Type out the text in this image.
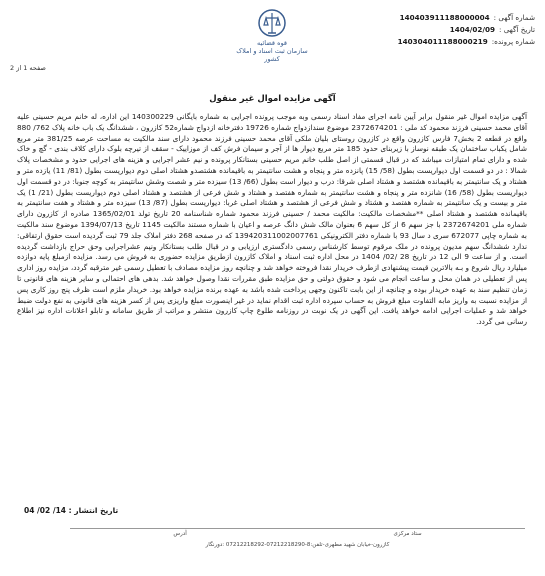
شماره آگهی :
140403911188000004
تاریخ آگهی :
1404/02/09
شماره پرونده:
140304011188000219
قوه قضائیه
سازمان ثبت اسناد و املاک کشور
صفحه 1 از 2
آگهی مزایده اموال غیر منقول

آگهی مزایده اموال غیر منقول برابر آیین نامه اجرای مفاد اسناد رسمی وبه موجب پرونده اجرایی به شماره بایگانی 140300229 این اداره، له خانم مریم حسینی علیه آقای محمد حسینی فرزند محمود کد ملی : 2372674201 موضوع سندازدواج شماره 19726 دفترخانه ازدواج شماره52 کازرون ، ششدانگ یک باب خانه پلاک 762/ 880 واقع در قطعه 2 بخش7 فارس کازرون واقع در کازرون روستای بلیان ملکی آقای محمد حسینی فرزند محمود دارای سند مالکیت به مساحت عرصه 381/25 متر مربع شامل یکباب ساختمان یک طبقه نوساز با زیربنای حدود 185 متر مربع دیوار ها از آجر و سیمان فرش کف از موزاییک - سقف از تیرچه بلوک دارای کلاف بندی - گچ و خاک شده و دارای تمام امتیازات میباشد که در قبال قسمتی از اصل طلب خانم مریم حسینی بستانکار پرونده و نیم عشر اجرایی و هزینه های اجرایی حدود و مشخصات پلاک شمالا : در دو قسمت اول دیواریست بطول (58/ 15) پانزده متر و پنجاه و هشت سانتیمتر به باقیمانده هشتصدو هشتاد اصلی دوم دیواریست بطول (81/ 11) یازده متر و هشتاد و یک سانتیمتر به باقیمانده هشتصد و هشتاد اصلی شرقا: درب و دیوار است بطول (66/ 13) سیزده متر و شصت وشش سانتیمتر به کوچه جنوبا: در دو قسمت اول دیواریست بطول (58/ 16) شانزده متر و پنجاه و هشت سانتیمتر به شماره هفتصد و هشتاد و شش فرعی از هشتصد و هشتاد اصلی دوم دیواریست بطول (21/ 1) یک متر و بیست و یک سانتیمتر به شماره هفتصد و هشتاد و شش فرعی از هشتصد و هشتاد اصلی غربا: دیواریست بطول (87/ 13) سیزده متر و هشتاد و هفت سانتیمتر به باقیمانده هشتصد و هشتاد اصلی **مشخصات مالکیت: مالکیت محمد / حسینی فرزند محمود شماره شناسنامه 20 تاریخ تولد 1365/02/01 صادره از کازرون دارای شماره ملی 2372674201 با جز سهم 6 از کل سهم 6 بعنوان مالک شش دانگ عرصه و اعیان با شماره مستند مالکیت 1145 تاریخ 1394/07/13 موضوع سند مالکیت به شماره چاپی 672077 سری د سال 93 با شماره دفتر الکترونیکی 139420311002007761 که در صفحه 268 دفتر املاک جلد 79 ثبت گردیده است حقوق ارتفاقی: ندارد ششدانگ سهم مدیون پرونده در ملک مرقوم توسط کارشناس رسمی دادگستری ارزیابی و در قبال طلب بستانکار ونیم عشراجرایی وحق حراج بازداشت گردیده است. و از ساعت 9 الی 12 در تاریخ 28 /02/ 1404 در محل اداره ثبت اسناد و املاک کازرون ازطریق مزایده حضوری به فروش می رسد. مزایده ازمبلغ پایه دوازده میلیارد ریال شروع و بـه بالاترین قیمت پیشنهادی ازطرف خریدار نقدا فروخته خواهد شد و چنانچه روز مزایده مصادف با تعطیل رسمی غیر مترقبه گردد، مزایده روز اداری پس از تعطیلی در همان محل و ساعت انجام می شود و حقوق دولتی و حق مزایده طبق مقررات نقدا وصول خواهد شد. بدهی های احتمالی و سایر هزینه های قانونی تا زمان تنظیم سند به عهده خریدار بوده و چنانچه از این بابت تاکنون وجهی پرداخت شده باشد به عهده برنده مزایده خواهد بود. خریدار ملزم است ظرف پنج روز کاری پس از مزایده نسبت به واریز مابه التفاوت مبلغ فروش به حساب سپرده اداره ثبت اقدام نماید در غیر اینصورت مبلغ واریزی پس از کسر هزینه های قانونی به نفع دولت ضبط خواهد شد و عملیات اجرایی ادامه خواهد یافت. این آگهی در یک نوبت در روزنامه طلوع چاپ کازرون منتشر و مراتب از طریق سامانه و تابلو اعلانات اداره نیز اطلاع رسانی می گردد.

تاریخ انتشار : 14/ 02/ 04
ستاد مرکزی
آدرس
کازرون-خیابان شهید مطهری-تلفن:8-07212218290-07212218292 :دورنگار
